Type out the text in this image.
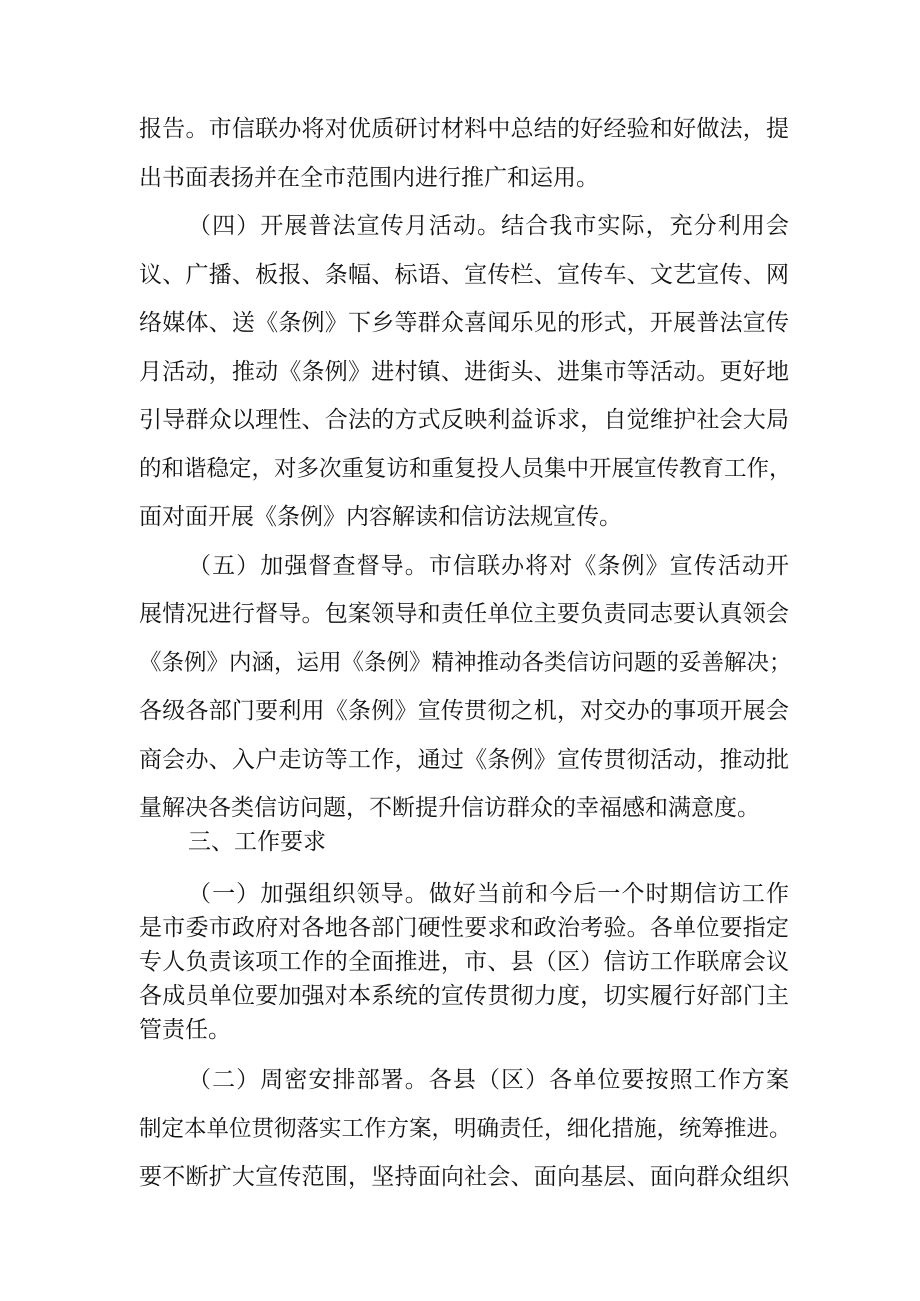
报告。市信联办将对优质研讨材料中总结的好经验和好做法，提
出书面表扬并在全市范围内进行推广和运用。
（四）开展普法宣传月活动。结合我市实际，充分利用会
议、广播、板报、条幅、标语、宣传栏、宣传车、文艺宣传、网
络媒体、送《条例》下乡等群众喜闻乐见的形式，开展普法宣传
月活动，推动《条例》进村镇、进街头、进集市等活动。更好地
引导群众以理性、合法的方式反映利益诉求，自觉维护社会大局
的和谐稳定，对多次重复访和重复投人员集中开展宣传教育工作，
面对面开展《条例》内容解读和信访法规宣传。
（五）加强督查督导。市信联办将对《条例》宣传活动开
展情况进行督导。包案领导和责任单位主要负责同志要认真领会
《条例》内涵，运用《条例》精神推动各类信访问题的妥善解决；
各级各部门要利用《条例》宣传贯彻之机，对交办的事项开展会
商会办、入户走访等工作，通过《条例》宣传贯彻活动，推动批
量解决各类信访问题，不断提升信访群众的幸福感和满意度。
三、工作要求
（一）加强组织领导。做好当前和今后一个时期信访工作
是市委市政府对各地各部门硬性要求和政治考验。各单位要指定
专人负责该项工作的全面推进，市、县（区）信访工作联席会议
各成员单位要加强对本系统的宣传贯彻力度，切实履行好部门主
管责任。
（二）周密安排部署。各县（区）各单位要按照工作方案
制定本单位贯彻落实工作方案，明确责任，细化措施，统筹推进。
要不断扩大宣传范围，坚持面向社会、面向基层、面向群众组织
